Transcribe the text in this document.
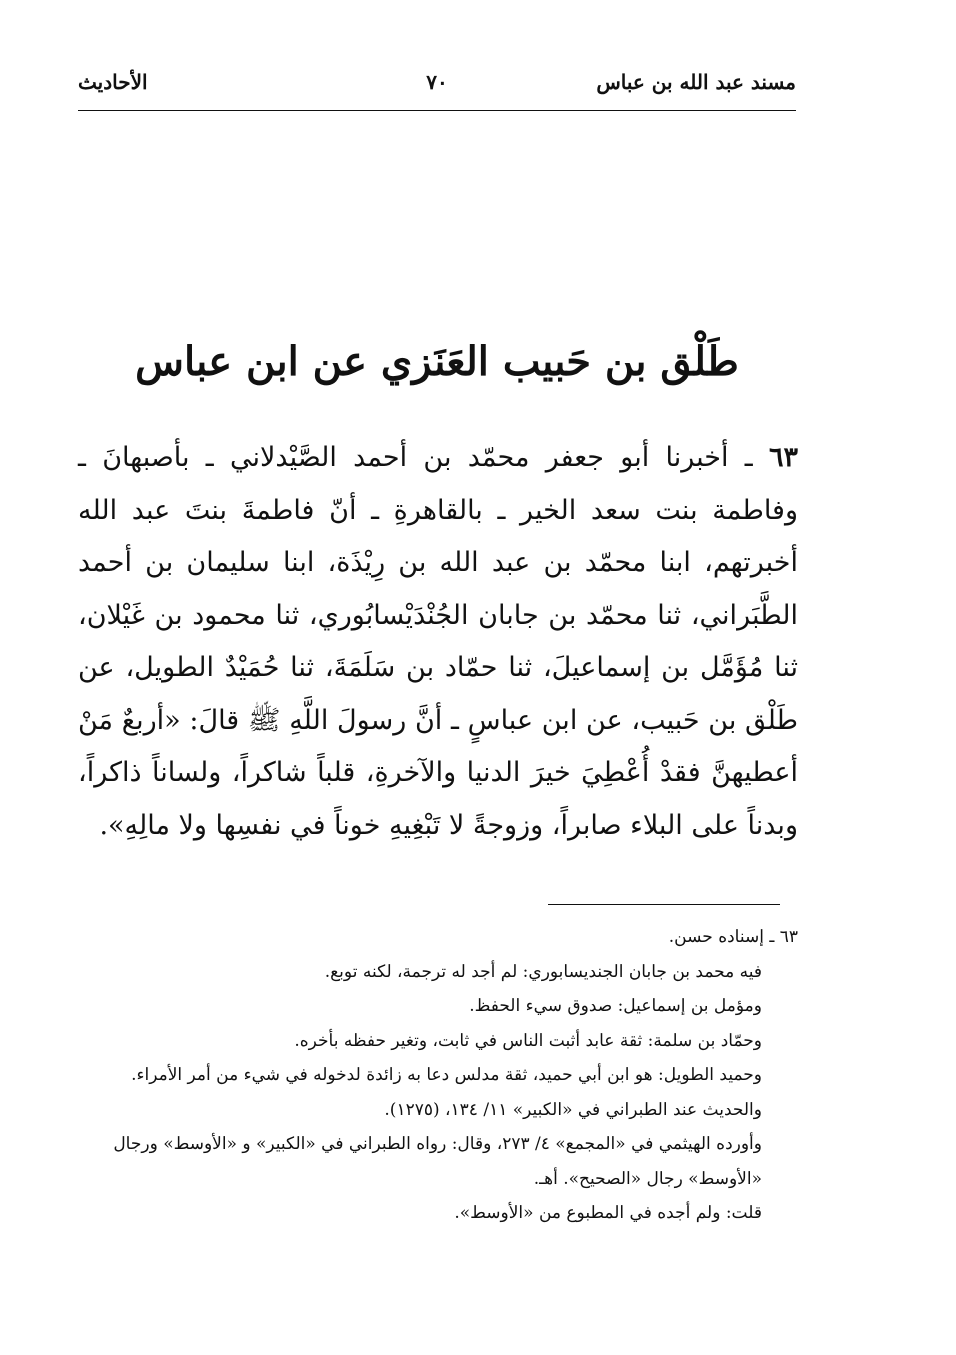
مسند عبد الله بن عباس
٧٠
الأحاديث
طَلْق بن حَبيب العَنَزي عن ابن عباس
٦٣ ـ أخبرنا أبو جعفر محمّد بن أحمد الصَّيْدلاني ـ بأصبهانَ ـ وفاطمة بنت سعد الخير ـ بالقاهرةِ ـ أنّ فاطمةَ بنتَ عبد الله أخبرتهم، ابنا محمّد بن عبد الله بن رِيْذَة، ابنا سليمان بن أحمد الطَّبَراني، ثنا محمّد بن جابان الجُنْدَيْسابُوري، ثنا محمود بن غَيْلان، ثنا مُؤَمَّل بن إسماعيلَ، ثنا حمّاد بن سَلَمَةَ، ثنا حُمَيْدٌ الطويل، عن طَلْق بن حَبيب، عن ابن عباسٍ ـ أنَّ رسولَ اللَّهِ ﷺ قالَ: «أربعٌ مَنْ أعطيهنَّ فقدْ أُعْطِيَ خيرَ الدنيا والآخرةِ، قلباً شاكراً، ولساناً ذاكراً، وبدناً على البلاء صابراً، وزوجةً لا تَبْغِيهِ خوناً في نفسِها ولا مالِهِ».
٦٣ ـ إسناده حسن.
فيه محمد بن جابان الجنديسابوري: لم أجد له ترجمة، لكنه توبع.
ومؤمل بن إسماعيل: صدوق سيء الحفظ.
وحمّاد بن سلمة: ثقة عابد أثبت الناس في ثابت، وتغير حفظه بأخره.
وحميد الطويل: هو ابن أبي حميد، ثقة مدلس دعا به زائدة لدخوله في شيء من أمر الأمراء.
والحديث عند الطبراني في «الكبير» ١١/ ١٣٤، (١٢٧٥).
وأورده الهيثمي في «المجمع» ٤/ ٢٧٣، وقال: رواه الطبراني في «الكبير» و «الأوسط» ورجال
«الأوسط» رجال «الصحيح». أهـ.
قلت: ولم أجده في المطبوع من «الأوسط».
